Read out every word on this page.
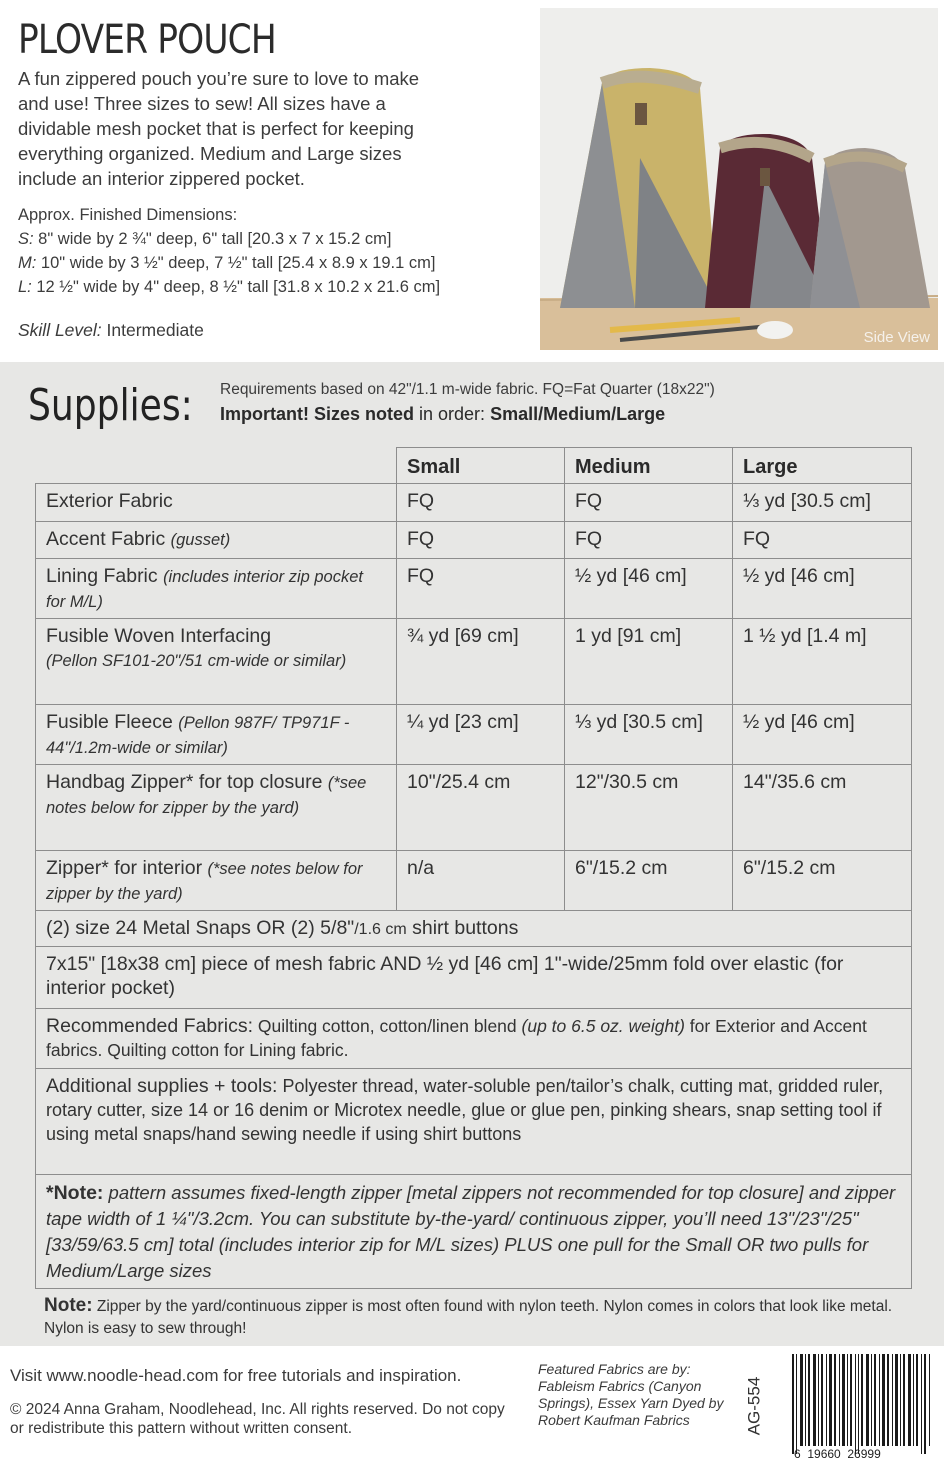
PLOVER POUCH

A fun zippered pouch you’re sure to love to make
and use! Three sizes to sew! All sizes have a
dividable mesh pocket that is perfect for keeping
everything organized. Medium and Large sizes
include an interior zippered pocket.

Approx. Finished Dimensions:
S: 8" wide by 2 ¾" deep, 6" tall [20.3 x 7 x 15.2 cm]
M: 10" wide by 3 ½" deep, 7 ½" tall [25.4 x 8.9 x 19.1 cm]
L: 12 ½" wide by 4" deep, 8 ½" tall [31.8 x 10.2 x 21.6 cm]
Skill Level: Intermediate	Side View
Supplies: Requirements based on 42"/1.1 m-wide fabric. FQ=Fat Quarter (18x22")
Important! Sizes noted in order: Small/Medium/Large
	Small	Medium	Large
Exterior Fabric	FQ	FQ	⅓ yd [30.5 cm]
Accent Fabric (gusset)	FQ	FQ	FQ
Lining Fabric (includes interior zip pocket for M/L)	FQ	½ yd [46 cm]	½ yd [46 cm]
Fusible Woven Interfacing
(Pellon SF101-20"/51 cm-wide or similar)	¾ yd [69 cm]	1 yd [91 cm]	1 ½ yd [1.4 m]
Fusible Fleece (Pellon 987F/ TP971F - 44"/1.2m-wide or similar)	¼ yd [23 cm]	⅓ yd [30.5 cm]	½ yd [46 cm]
Handbag Zipper* for top closure (*see notes below for zipper by the yard)	10"/25.4 cm	12"/30.5 cm	14"/35.6 cm
Zipper* for interior (*see notes below for zipper by the yard)	n/a	6"/15.2 cm	6"/15.2 cm
(2) size 24 Metal Snaps OR (2) 5/8"/1.6 cm shirt buttons			
7x15" [18x38 cm] piece of mesh fabric AND ½ yd [46 cm] 1"-wide/25mm fold over elastic (for interior pocket)			
Recommended Fabrics: Quilting cotton, cotton/linen blend (up to 6.5 oz. weight) for Exterior and Accent fabrics. Quilting cotton for Lining fabric.			
Additional supplies + tools: Polyester thread, water-soluble pen/tailor’s chalk, cutting mat, gridded ruler, rotary cutter, size 14 or 16 denim or Microtex needle, glue or glue pen, pinking shears, snap setting tool if using metal snaps/hand sewing needle if using shirt buttons			
*Note: pattern assumes fixed-length zipper [metal zippers not recommended for top closure] and zipper tape width of 1 ¼"/3.2cm. You can substitute by-the-yard/ continuous zipper, you’ll need 13"/23"/25" [33/59/63.5 cm] total (includes interior zip for M/L sizes) PLUS one pull for the Small OR two pulls for Medium/Large sizes			
Note: Zipper by the yard/continuous zipper is most often found with nylon teeth. Nylon comes in colors that look like metal. Nylon is easy to sew through!
Visit www.noodle-head.com for free tutorials and inspiration.
© 2024 Anna Graham, Noodlehead, Inc. All rights reserved. Do not copy or redistribute this pattern without written consent.
Featured Fabrics are by: Fableism Fabrics (Canyon Springs), Essex Yarn Dyed by Robert Kaufman Fabrics	AG-554
6  19660  26999
